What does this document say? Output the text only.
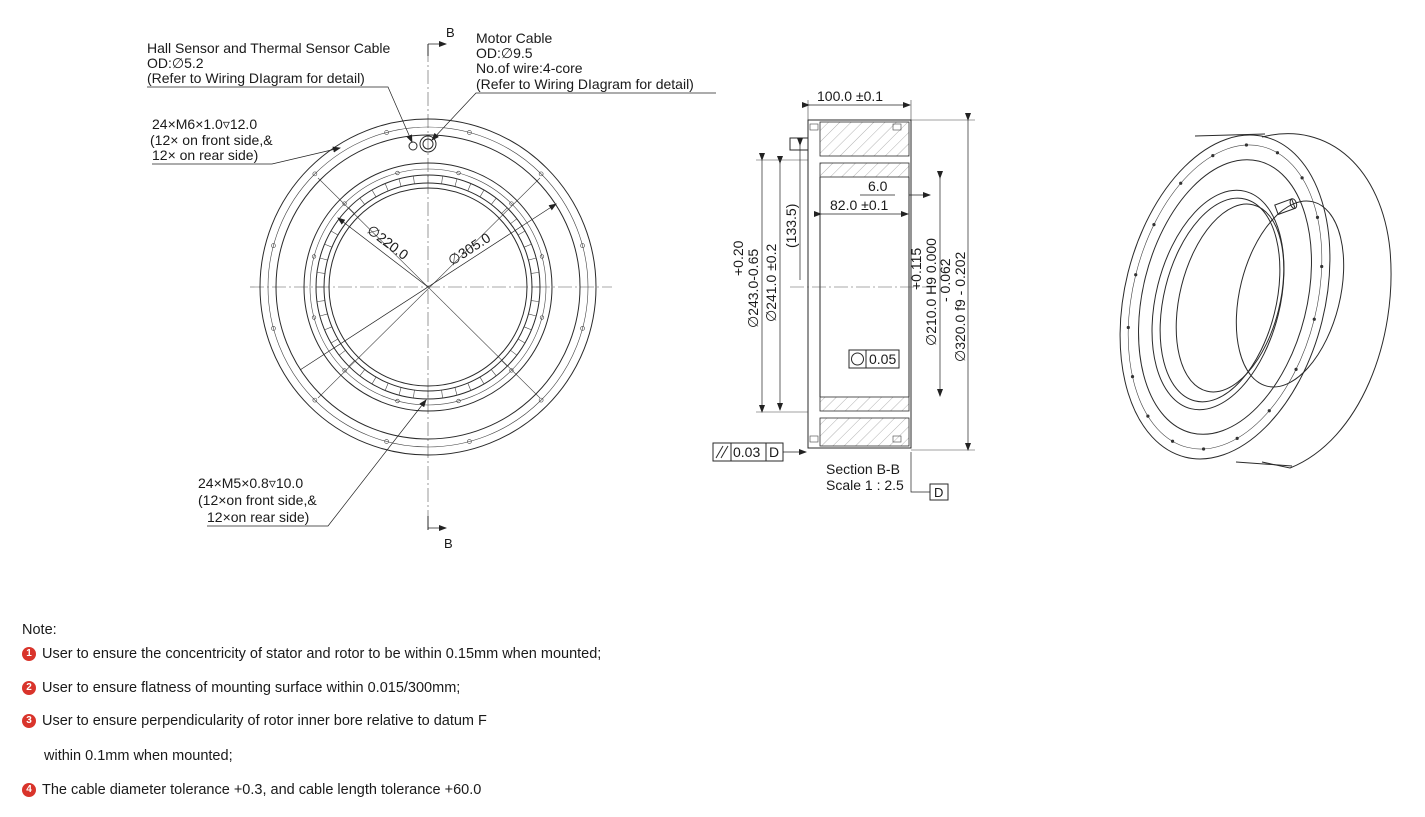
B
B
Hall Sensor and Thermal Sensor Cable
OD:∅5.2
(Refer to Wiring DIagram for detail)
Motor Cable
OD:∅9.5
No.of wire:4-core
(Refer to Wiring DIagram for detail)
24×M6×1.0▿12.0
(12× on front side,&
12× on rear side)
24×M5×0.8▿10.0
(12×on front side,&
12×on rear side)
∅220.0 ∅305.0
100.0 ±0.1
82.0 ±0.1
6.0
+0.20 ∅243.0-0.65 ∅241.0 ±0.2
(133.5)
+0.115 ∅210.0 H9 0.000
- 0.062 ∅320.0 f9 - 0.202
0.05
0.03 D
Section B-B
Scale 1 : 2.5 D
Note:
1 User to ensure the concentricity of stator and rotor to be within 0.15mm when mounted;
2 User to ensure flatness of mounting surface within 0.015/300mm;
3 User to ensure perpendicularity of rotor inner bore relative to datum F
within 0.1mm when mounted;
4 The cable diameter tolerance +0.3, and cable length tolerance +60.0
